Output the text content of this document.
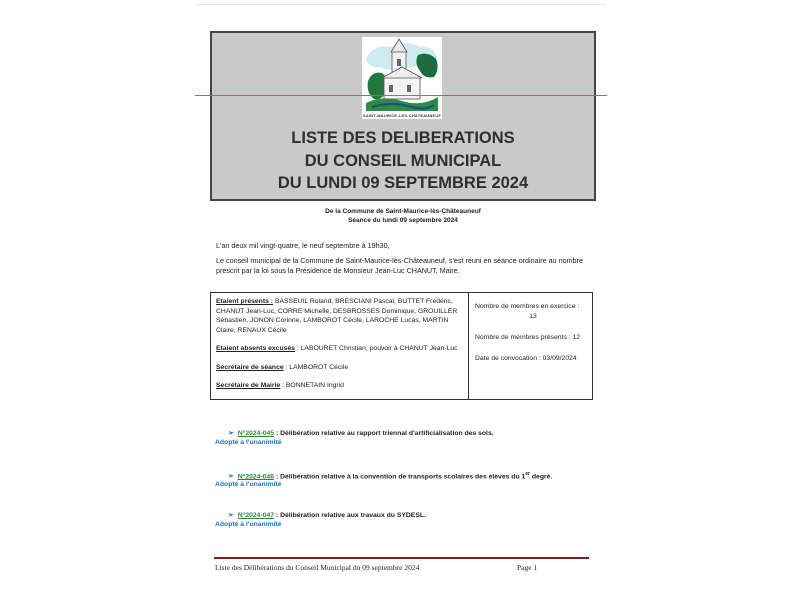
SAINT-MAURICE-LES-CHATEAUNEUF
LISTE DES DELIBERATIONS
DU CONSEIL MUNICIPAL
DU LUNDI 09 SEPTEMBRE 2024
De la Commune de Saint-Maurice-lès-Châteauneuf
Séance du lundi 09 septembre 2024
L'an deux mil vingt-quatre, le neuf septembre à 19h30,
Le conseil municipal de la Commune de Saint-Maurice-lès-Châteauneuf, s'est réuni en séance ordinaire au nombre
prescrit par la loi sous la Présidence de Monsieur Jean-Luc CHANUT, Maire.
Etaient présents : BASSEUIL Roland, BRESCIANI Pascal, BUTTET Frédéric,
CHANUT Jean-Luc, CORRE Michelle, DESBROSSES Dominique, GROUILLER
Sébastien, JONON Corinne, LAMBOROT Cécile, LAROCHE Lucas, MARTIN
Claire, RENAUX Cécile
Etaient absents excusés : LABOURET Christian, pouvoir à CHANUT Jean-Luc
Secrétaire de séance : LAMBOROT Cécile
Secrétaire de Mairie : BONNETAIN Ingrid
Nombre de membres en exercice :
13
Nombre de membres présents : 12
Date de convocation : 03/09/2024
➢ N°2024-045 : Délibération relative au rapport triennal d'artificialisation des sols.
Adopté à l'unanimité
➢ N°2024-046 : Délibération relative à la convention de transports scolaires des élèves du 1er degré.
Adopté à l'unanimité
➢ N°2024-047 : Délibération relative aux travaux du SYDESL.
Adopté à l'unanimité
Liste des Délibérations du Conseil Municipal du 09 septembre 2024	Page 1
